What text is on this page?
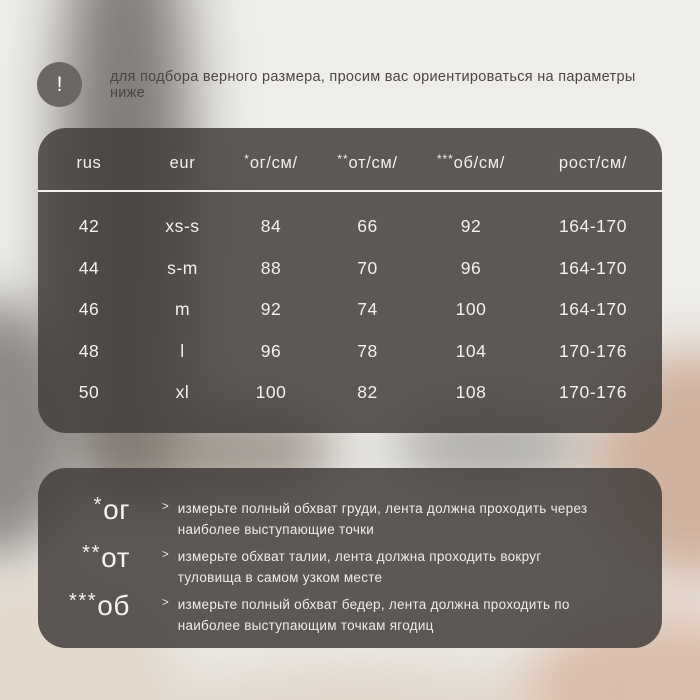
!	для подбора верного размера, просим вас ориентироваться на параметры ниже
rus	eur	*ог/см/	**от/см/	***об/см/	рост/см/
42	xs-s	84	66	92	164-170
44	s-m	88	70	96	164-170
46	m	92	74	100	164-170
48	l	96	78	104	170-176
50	xl	100	82	108	170-176
*ог	> измерьте полный обхват груди, лента должна проходить через наиболее выступающие точки
**от	> измерьте обхват талии, лента должна проходить вокруг туловища в самом узком месте
***об	> измерьте полный обхват бедер, лента должна проходить по наиболее выступающим точкам ягодиц
